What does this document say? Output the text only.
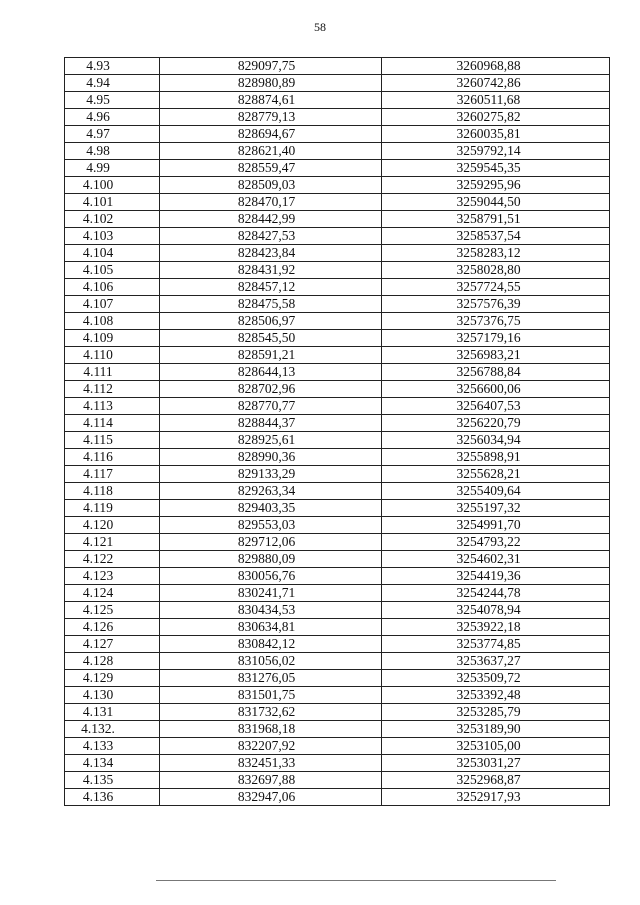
58
4.93	829097,75	3260968,88
4.94	828980,89	3260742,86
4.95	828874,61	3260511,68
4.96	828779,13	3260275,82
4.97	828694,67	3260035,81
4.98	828621,40	3259792,14
4.99	828559,47	3259545,35
4.100	828509,03	3259295,96
4.101	828470,17	3259044,50
4.102	828442,99	3258791,51
4.103	828427,53	3258537,54
4.104	828423,84	3258283,12
4.105	828431,92	3258028,80
4.106	828457,12	3257724,55
4.107	828475,58	3257576,39
4.108	828506,97	3257376,75
4.109	828545,50	3257179,16
4.110	828591,21	3256983,21
4.111	828644,13	3256788,84
4.112	828702,96	3256600,06
4.113	828770,77	3256407,53
4.114	828844,37	3256220,79
4.115	828925,61	3256034,94
4.116	828990,36	3255898,91
4.117	829133,29	3255628,21
4.118	829263,34	3255409,64
4.119	829403,35	3255197,32
4.120	829553,03	3254991,70
4.121	829712,06	3254793,22
4.122	829880,09	3254602,31
4.123	830056,76	3254419,36
4.124	830241,71	3254244,78
4.125	830434,53	3254078,94
4.126	830634,81	3253922,18
4.127	830842,12	3253774,85
4.128	831056,02	3253637,27
4.129	831276,05	3253509,72
4.130	831501,75	3253392,48
4.131	831732,62	3253285,79
4.132.	831968,18	3253189,90
4.133	832207,92	3253105,00
4.134	832451,33	3253031,27
4.135	832697,88	3252968,87
4.136	832947,06	3252917,93
